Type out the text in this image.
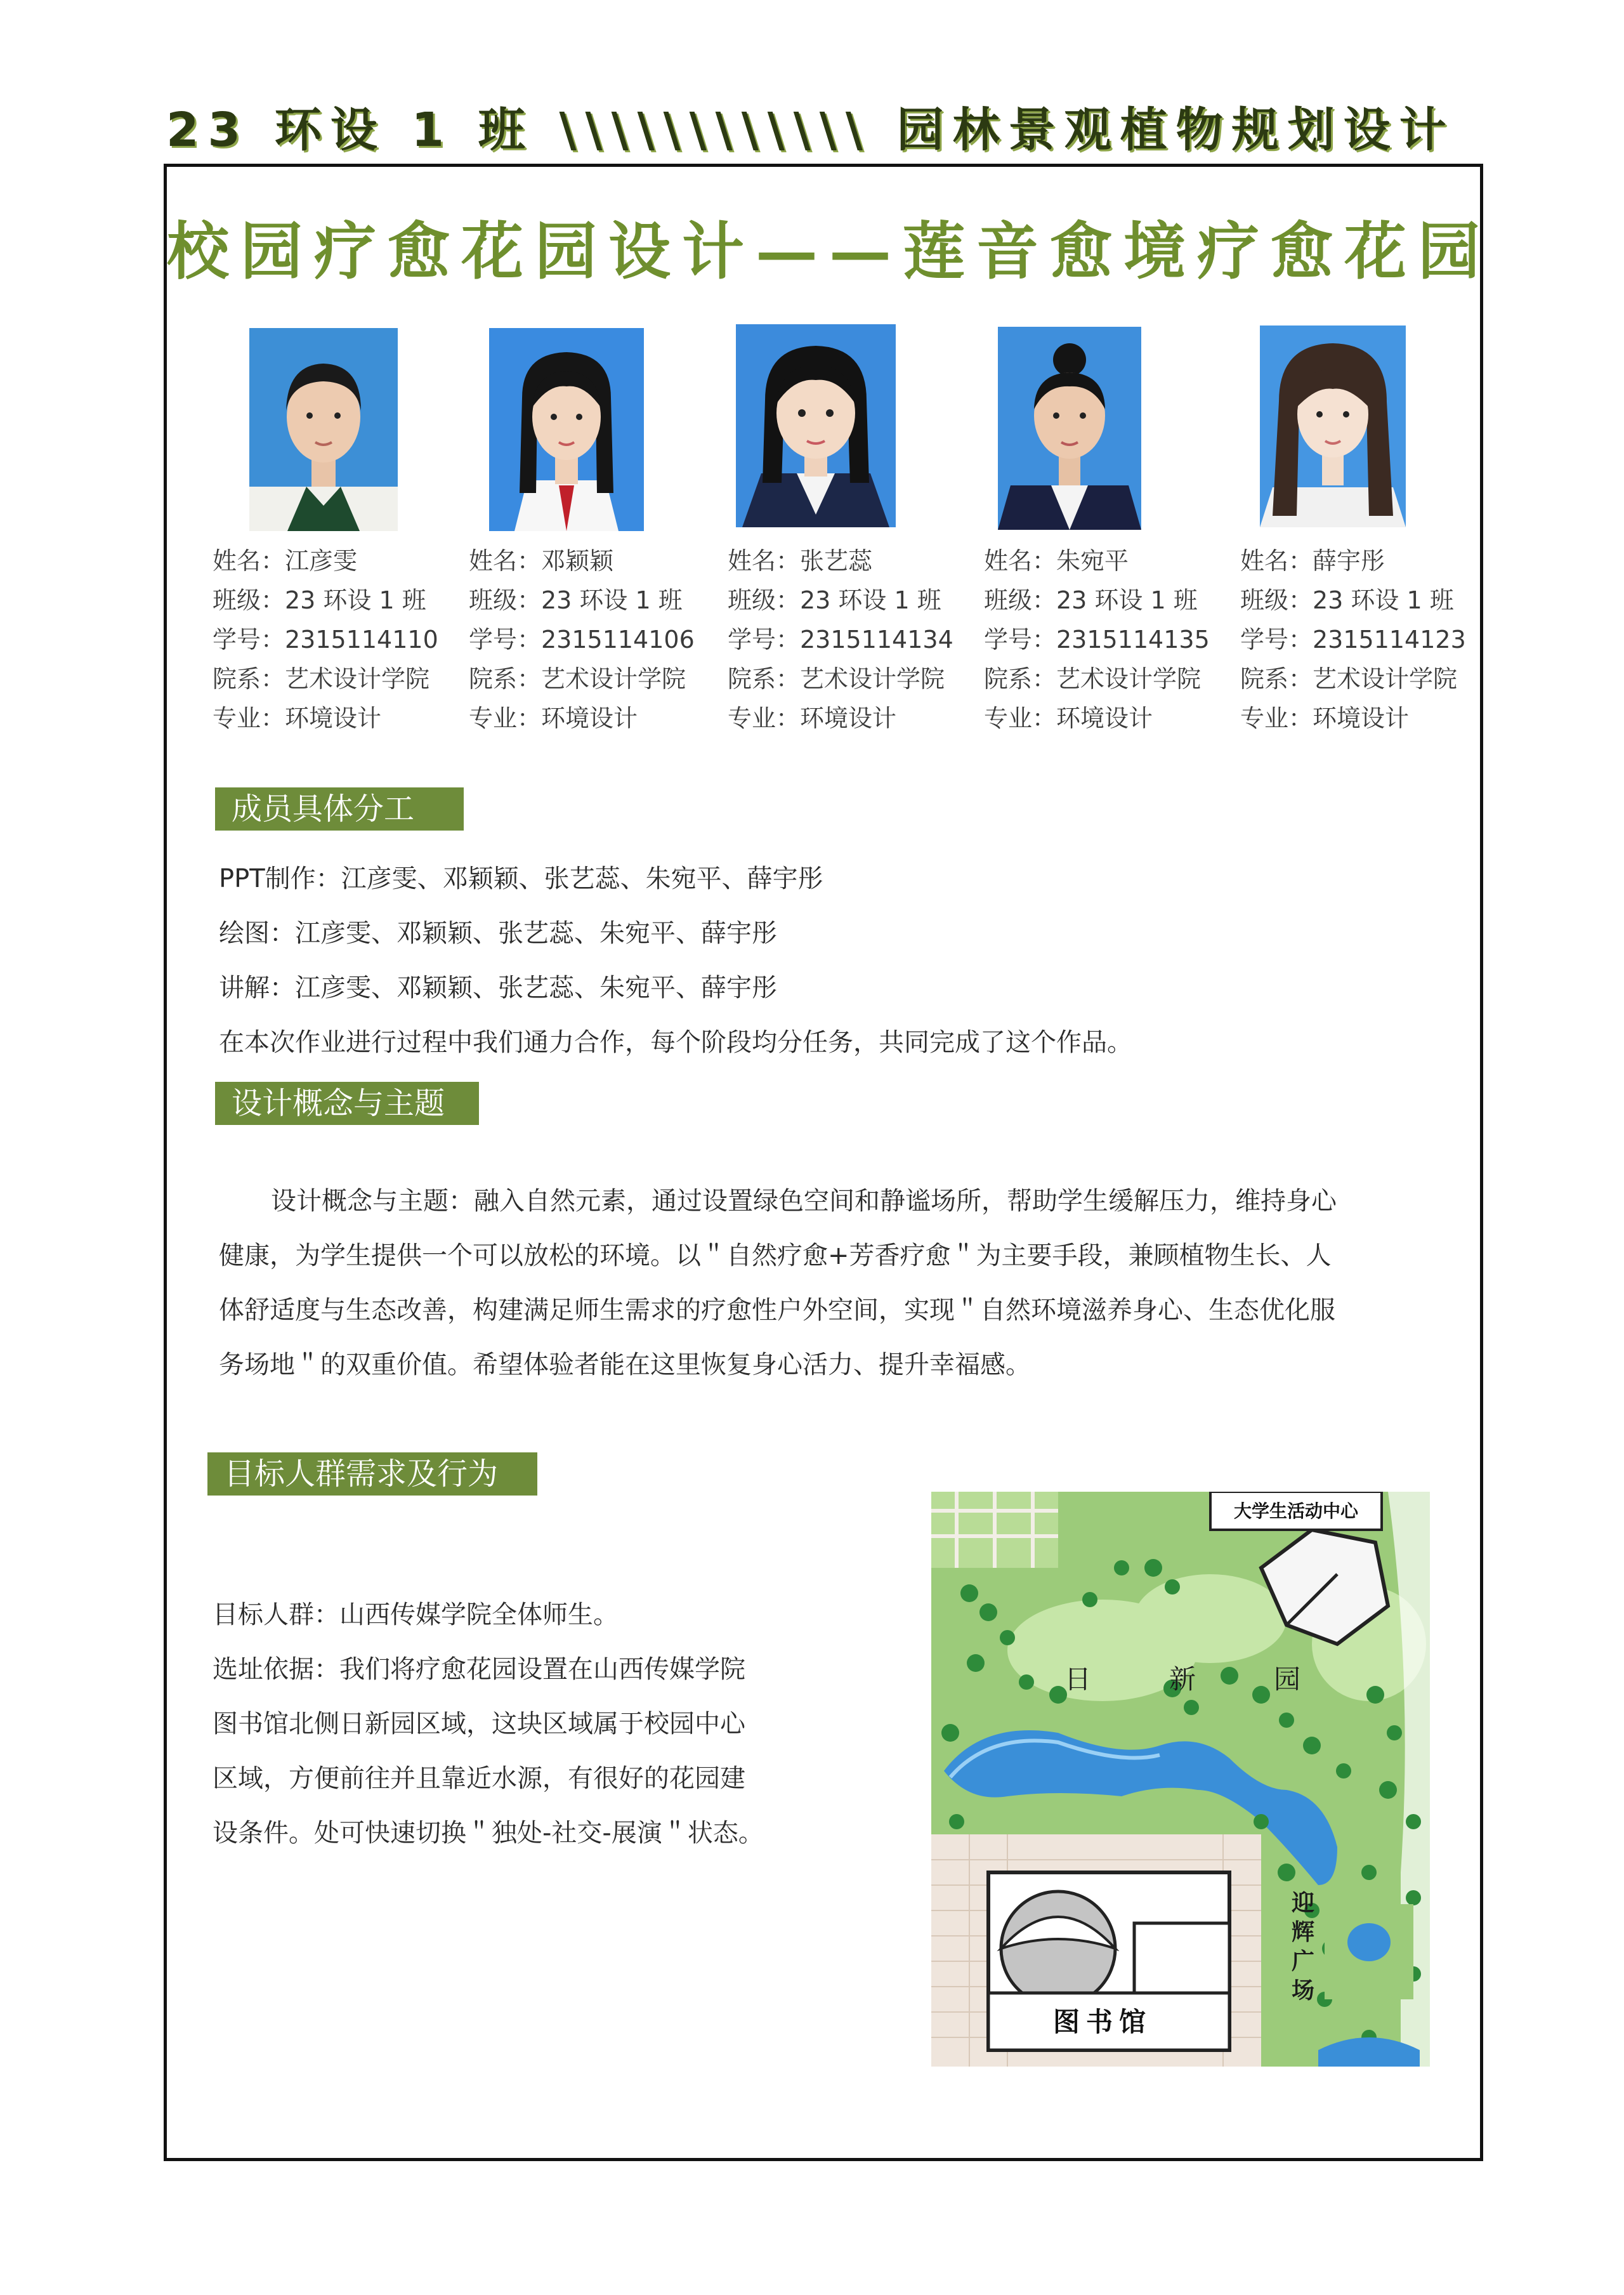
23 环设 1 班 \\\\\\\\\\\\ 园林景观植物规划设计
校园疗愈花园设计——莲音愈境疗愈花园
姓名：江彦雯
班级：23 环设 1 班
学号：2315114110
院系：艺术设计学院
专业：环境设计
姓名：邓颖颖
班级：23 环设 1 班
学号：2315114106
院系：艺术设计学院
专业：环境设计
姓名：张艺蕊
班级：23 环设 1 班
学号：2315114134
院系：艺术设计学院
专业：环境设计
姓名：朱宛平
班级：23 环设 1 班
学号：2315114135
院系：艺术设计学院
专业：环境设计
姓名：薛宇彤
班级：23 环设 1 班
学号：2315114123
院系：艺术设计学院
专业：环境设计
成员具体分工
PPT制作：江彦雯、邓颖颖、张艺蕊、朱宛平、薛宇彤
绘图：江彦雯、邓颖颖、张艺蕊、朱宛平、薛宇彤
讲解：江彦雯、邓颖颖、张艺蕊、朱宛平、薛宇彤
在本次作业进行过程中我们通力合作，每个阶段均分任务，共同完成了这个作品。
设计概念与主题
设计概念与主题：融入自然元素，通过设置绿色空间和静谧场所，帮助学生缓解压力，维持身心
健康，为学生提供一个可以放松的环境。以＂自然疗愈+芳香疗愈＂为主要手段，兼顾植物生长、人
体舒适度与生态改善，构建满足师生需求的疗愈性户外空间，实现＂自然环境滋养身心、生态优化服
务场地＂的双重价值。希望体验者能在这里恢复身心活力、提升幸福感。
目标人群需求及行为
目标人群：山西传媒学院全体师生。
选址依据：我们将疗愈花园设置在山西传媒学院
图书馆北侧日新园区域，这块区域属于校园中心
区域，方便前往并且靠近水源，有很好的花园建
设条件。处可快速切换＂独处-社交-展演＂状态。
大学生活动中心
日	新	园
图书馆
迎 辉 广 场
